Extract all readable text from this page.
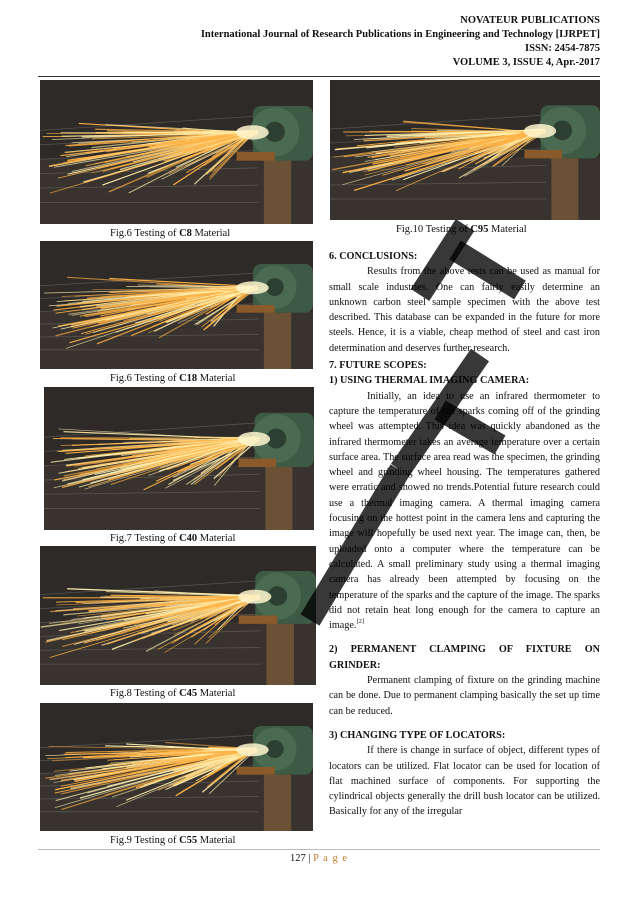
NOVATEUR PUBLICATIONS
International Journal of Research Publications in Engineering and Technology [IJRPET]
ISSN: 2454-7875
VOLUME 3, ISSUE 4, Apr.-2017
Fig.6 Testing of C8 Material
Fig.6 Testing of C18 Material
Fig.7 Testing of C40 Material
Fig.8 Testing of C45 Material
Fig.9 Testing of C55 Material
Fig.10 Testing of C95 Material
6. CONCLUSIONS:

Results from the above tests can be used as manual for small scale industries. One can fairly easily determine an unknown carbon steel sample specimen with the above test described. This database can be expanded in the future for more steels. Hence, it is a viable, cheap method of steel and cast iron determination and deserves further research.

7. FUTURE SCOPES:
1) USING THERMAL IMAGING CAMERA:

Initially, an idea to use an infrared thermometer to capture the temperature of the sparks coming off of the grinding wheel was attempted. This idea was quickly abandoned as the infrared thermometer takes an average temperature over a certain surface area. The surface area read was the specimen, the grinding wheel and grinding wheel housing. The temperatures gathered were erratic and showed no trends.Potential future research could use a thermal imaging camera. A thermal imaging camera focusing on the hottest point in the camera lens and capturing the image will hopefully be used next year. The image can, then, be uploaded onto a computer where the temperature can be calculated. A small preliminary study using a thermal imaging camera has already been attempted by focusing on the temperature of the sparks and the capture of the image. The sparks did not retain heat long enough for the camera to capture an image.[2]

2) PERMANENT CLAMPING OF FIXTURE ON GRINDER:

Permanent clamping of fixture on the grinding machine can be done. Due to permanent clamping basically the set up time can be reduced.

3) CHANGING TYPE OF LOCATORS:

If there is change in surface of object, different types of locators can be utilized. Flat locator can be used for location of flat machined surface of components. For supporting the cylindrical objects generally the drill bush locator can be utilized. Basically for any of the irregular

127 | P a g e
